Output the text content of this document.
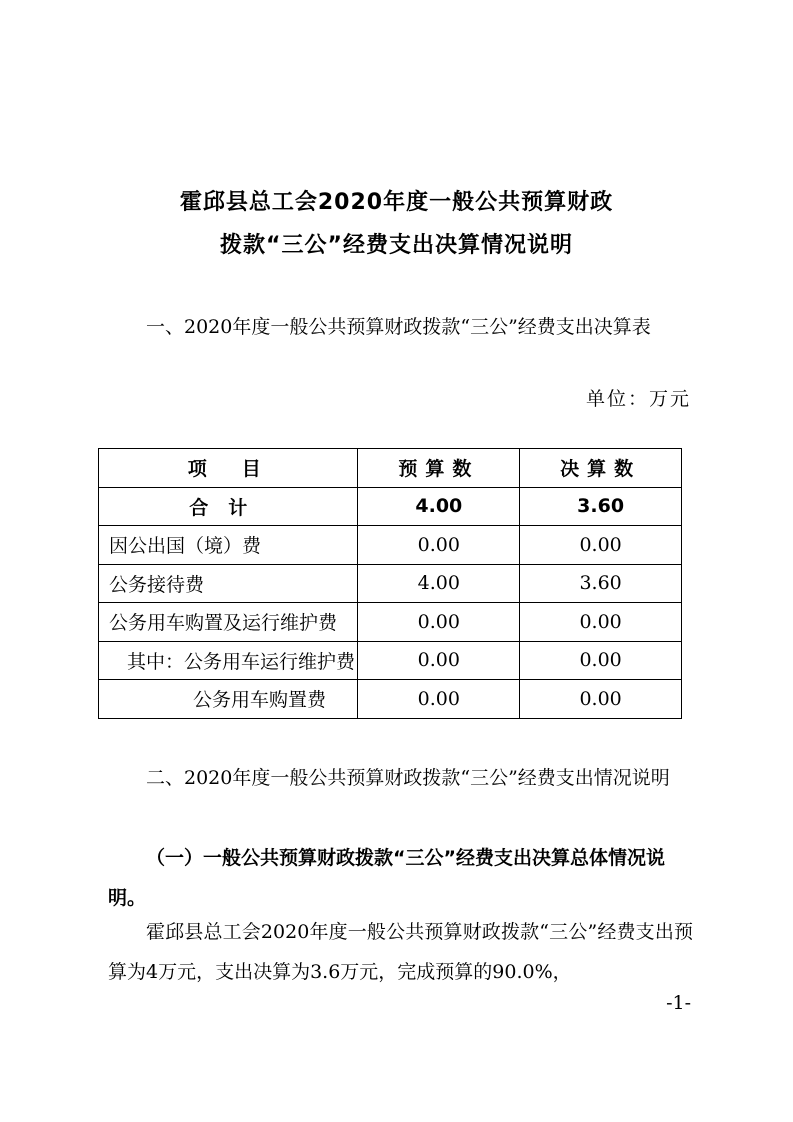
霍邱县总工会2020年度一般公共预算财政
拨款“三公”经费支出决算情况说明
一、2020年度一般公共预算财政拨款“三公”经费支出决算表
单位：万元
项　目	预算数	决算数
合计	4.00	3.60
因公出国（境）费	0.00	0.00
公务接待费	4.00	3.60
公务用车购置及运行维护费	0.00	0.00
其中：公务用车运行维护费	0.00	0.00
公务用车购置费	0.00	0.00
二、2020年度一般公共预算财政拨款“三公”经费支出情况说明
（一）一般公共预算财政拨款“三公”经费支出决算总体情况说明。
霍邱县总工会2020年度一般公共预算财政拨款“三公”经费支出预算为4万元，支出决算为3.6万元，完成预算的90.0%，
-1-
